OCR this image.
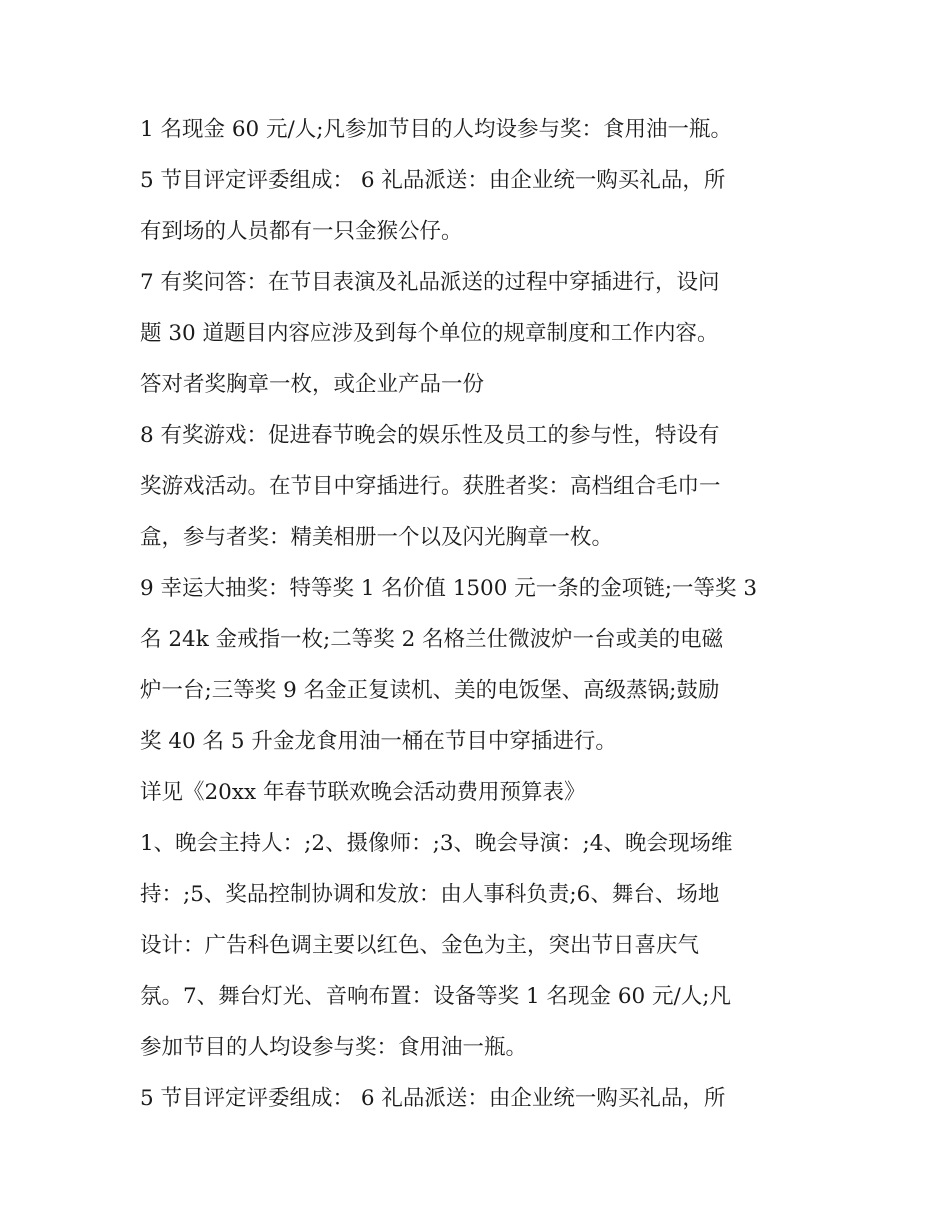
1 名现金 60 元/人;凡参加节目的人均设参与奖：食用油一瓶。

5 节目评定评委组成： 6 礼品派送：由企业统一购买礼品，所

有到场的人员都有一只金猴公仔。

7 有奖问答：在节目表演及礼品派送的过程中穿插进行，设问

题 30 道题目内容应涉及到每个单位的规章制度和工作内容。

答对者奖胸章一枚，或企业产品一份

8 有奖游戏：促进春节晚会的娱乐性及员工的参与性，特设有

奖游戏活动。在节目中穿插进行。获胜者奖：高档组合毛巾一

盒，参与者奖：精美相册一个以及闪光胸章一枚。

9 幸运大抽奖：特等奖 1 名价值 1500 元一条的金项链;一等奖 3

名 24k 金戒指一枚;二等奖 2 名格兰仕微波炉一台或美的电磁

炉一台;三等奖 9 名金正复读机、美的电饭堡、高级蒸锅;鼓励

奖 40 名 5 升金龙食用油一桶在节目中穿插进行。

详见《20xx 年春节联欢晚会活动费用预算表》

1、晚会主持人：;2、摄像师：;3、晚会导演：;4、晚会现场维

持：;5、奖品控制协调和发放：由人事科负责;6、舞台、场地

设计：广告科色调主要以红色、金色为主，突出节日喜庆气

氛。7、舞台灯光、音响布置：设备等奖 1 名现金 60 元/人;凡

参加节目的人均设参与奖：食用油一瓶。

5 节目评定评委组成： 6 礼品派送：由企业统一购买礼品，所
